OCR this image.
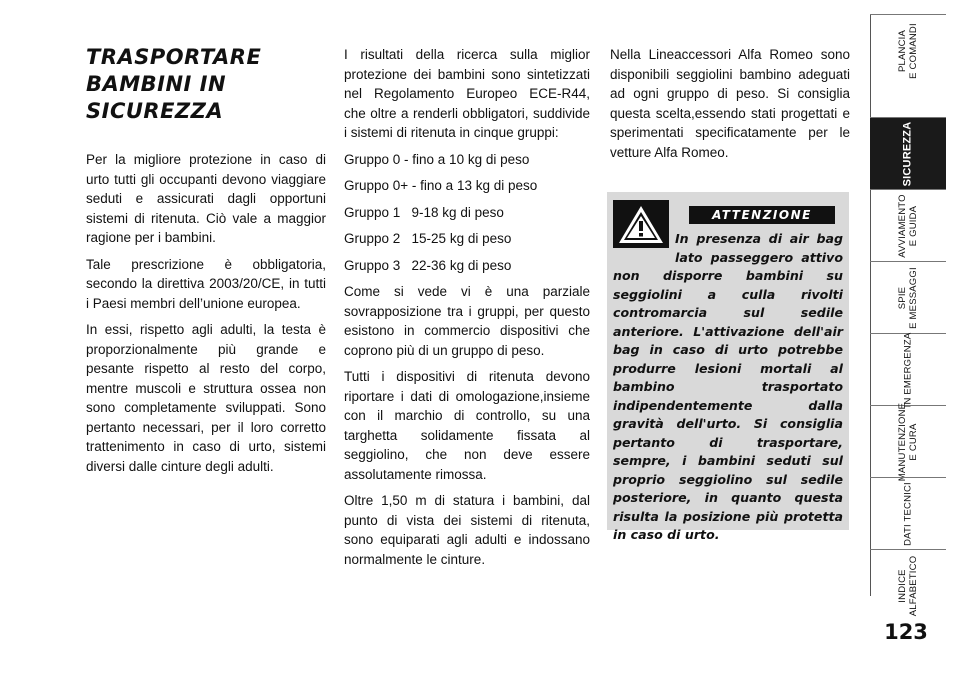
TRASPORTARE BAMBINI IN SICUREZZA

Per la migliore protezione in caso di urto tutti gli occupanti devono viaggiare seduti e assicurati dagli opportuni sistemi di ritenuta. Ciò vale a maggior ragione per i bambini.

Tale prescrizione è obbligatoria, secondo la direttiva 2003/20/CE, in tutti i Paesi membri dell’unione europea.

In essi, rispetto agli adulti, la testa è proporzionalmente più grande e pesante rispetto al resto del corpo, mentre muscoli e struttura ossea non sono completamente sviluppati. Sono pertanto necessari, per il loro corretto trattenimento in caso di urto, sistemi diversi dalle cinture degli adulti.

I risultati della ricerca sulla miglior protezione dei bambini sono sintetizzati nel Regolamento Europeo ECE-R44, che oltre a renderli obbligatori, suddivide i sistemi di ritenuta in cinque gruppi:

Gruppo 0 - fino a 10 kg di peso

Gruppo 0+ - fino a 13 kg di peso

Gruppo 1   9-18 kg di peso

Gruppo 2   15-25 kg di peso

Gruppo 3   22-36 kg di peso

Come si vede vi è una parziale sovrapposizione tra i gruppi, per questo esistono in commercio dispositivi che coprono più di un gruppo di peso.

Tutti i dispositivi di ritenuta devono riportare i dati di omologazione,insieme con il marchio di controllo, su una targhetta solidamente fissata al seggiolino, che non deve essere assolutamente rimossa.

Oltre 1,50 m di statura i bambini, dal punto di vista dei sistemi di ritenuta, sono equiparati agli adulti e indossano normalmente le cinture.

Nella Lineaccessori Alfa Romeo sono disponibili seggiolini bambino adeguati ad ogni gruppo di peso. Si consiglia questa scelta,essendo stati progettati e sperimentati specificatamente per le vetture Alfa Romeo.

ATTENZIONE
In presenza di air bag lato passeggero attivo non disporre bambini su seggiolini a culla rivolti contromarcia sul sedile anteriore. L'attivazione dell'air bag in caso di urto potrebbe produrre lesioni mortali al bambino trasportato indipendentemente dalla gravità dell'urto. Si consiglia pertanto di trasportare, sempre, i bambini seduti sul proprio seggiolino sul sedile posteriore, in quanto questa risulta la posizione più protetta in caso di urto.
PLANCIA
E COMANDI
SICUREZZA
AVVIAMENTO
E GUIDA
SPIE
E MESSAGGI
IN EMERGENZA
MANUTENZIONE
E CURA
DATI TECNICI
INDICE
ALFABETICO
123
